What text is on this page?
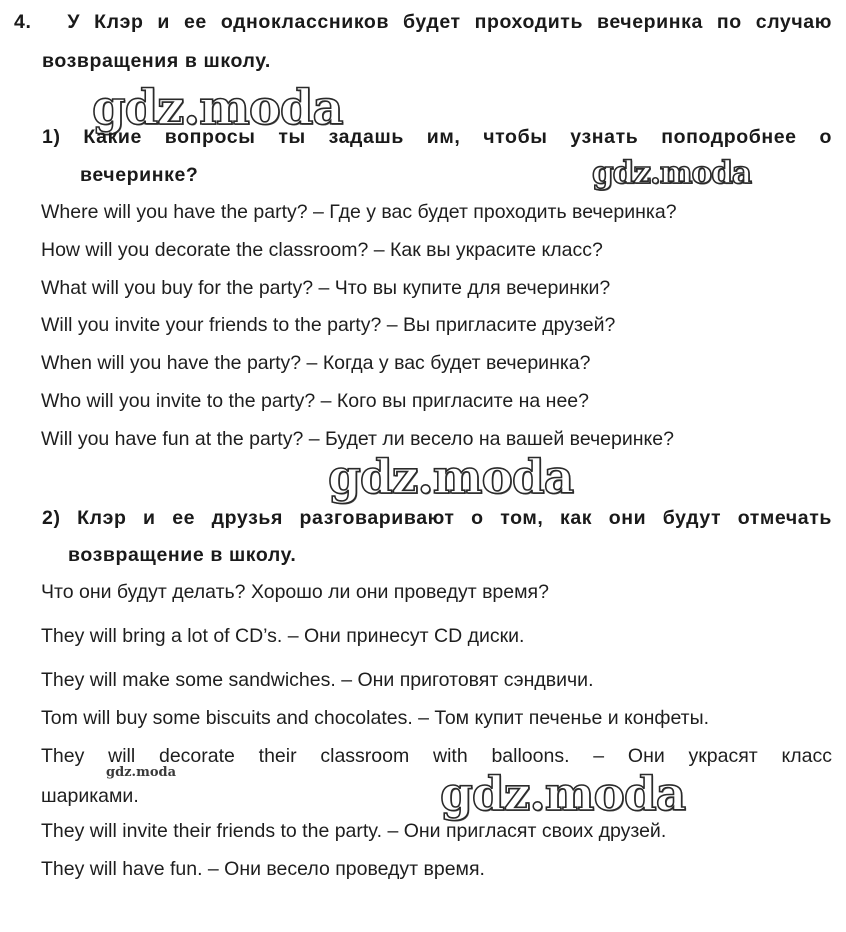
4. У Клэр и ее одноклассников будет проходить вечеринка по случаю
возвращения в школу.
gdz.moda
1) Какие вопросы ты задашь им, чтобы узнать поподробнее о
вечеринке?	gdz.moda
Where will you have the party? – Где у вас будет проходить вечеринка?
How will you decorate the classroom? – Как вы украсите класс?
What will you buy for the party? – Что вы купите для вечеринки?
Will you invite your friends to the party? – Вы пригласите друзей?
When will you have the party? – Когда у вас будет вечеринка?
Who will you invite to the party? – Кого вы пригласите на нее?
Will you have fun at the party? – Будет ли весело на вашей вечеринке?
gdz.moda
2) Клэр и ее друзья разговаривают о том, как они будут отмечать
возвращение в школу.
Что они будут делать? Хорошо ли они проведут время?
They will bring a lot of CD’s. – Они принесут CD диски.
They will make some sandwiches. – Они приготовят сэндвичи.
Tom will buy some biscuits and chocolates. – Том купит печенье и конфеты.
They will decorate their classroom with balloons. – Они украсят класс
шариками.
gdz.moda	gdz.moda
They will invite their friends to the party. – Они пригласят своих друзей.
They will have fun. – Они весело проведут время.
